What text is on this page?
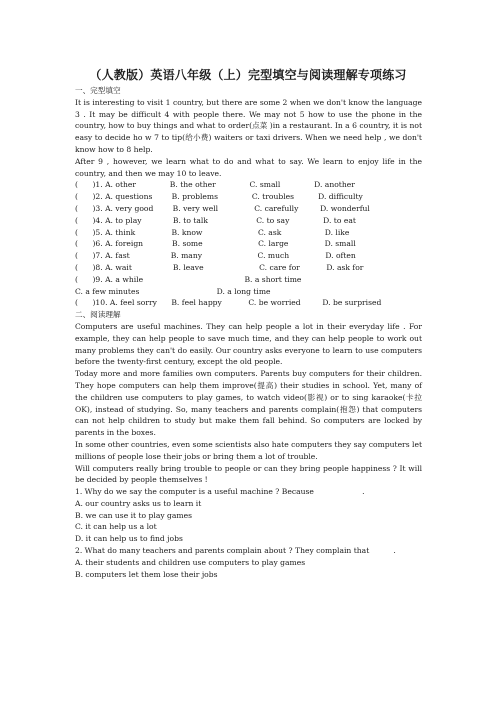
（人教版）英语八年级（上）完型填空与阅读理解专项练习

一、完型填空

It is interesting to visit 1 country, but there are some 2 when we don't know the language 3 . It may be difficult 4 with people there. We may not 5 how to use the phone in the country, how to buy things and what to order(点菜 )in a restaurant. In a 6 country, it is not easy to decide ho w 7 to tip(给小费) waiters or taxi drivers. When we need help , we don't know how to 8 help.

After 9 , however, we learn what to do and what to say. We learn to enjoy life in the country, and then we may 10 to leave.

(      )1. A. other              B. the other              C. small              D. another

(      )2. A. questions        B. problems              C. troubles          D. difficulty

(      )3. A. very good        B. very well               C. carefully         D. wonderful

(      )4. A. to play             B. to talk                    C. to say              D. to eat

(      )5. A. think               B. know                       C. ask                  D. like

(      )6. A. foreign            B. some                       C. large               D. small

(      )7. A. fast                 B. many                       C. much               D. often

(      )8. A. wait                 B. leave                       C. care for           D. ask for

(      )9. A. a while                                          B. a short time

C. a few minutes                                D. a long time

(      )10. A. feel sorry      B. feel happy           C. be worried         D. be surprised

二、阅读理解

Computers are useful machines. They can help people a lot in their everyday life . For example, they can help people to save much time, and they can help people to work out many problems they can't do easily. Our country asks everyone to learn to use computers before the twenty-first century, except the old people.

Today more and more families own computers. Parents buy computers for their children. They hope computers can help them improve(提高) their studies in school. Yet, many of the children use computers to play games, to watch video(影视) or to sing karaoke(卡拉 OK), instead of studying. So, many teachers and parents complain(抱怨) that computers can not help children to study but make them fall behind. So computers are locked by parents in the boxes.

In some other countries, even some scientists also hate computers they say computers let millions of people lose their jobs or bring them a lot of trouble.

Will computers really bring trouble to people or can they bring people happiness ? It will be decided by people themselves !

1. Why do we say the computer is a useful machine ? Because                    .

A. our country asks us to learn it

B. we can use it to play games

C. it can help us a lot

D. it can help us to find jobs

2. What do many teachers and parents complain about ? They complain that          .

A. their students and children use computers to play games

B. computers let them lose their jobs
